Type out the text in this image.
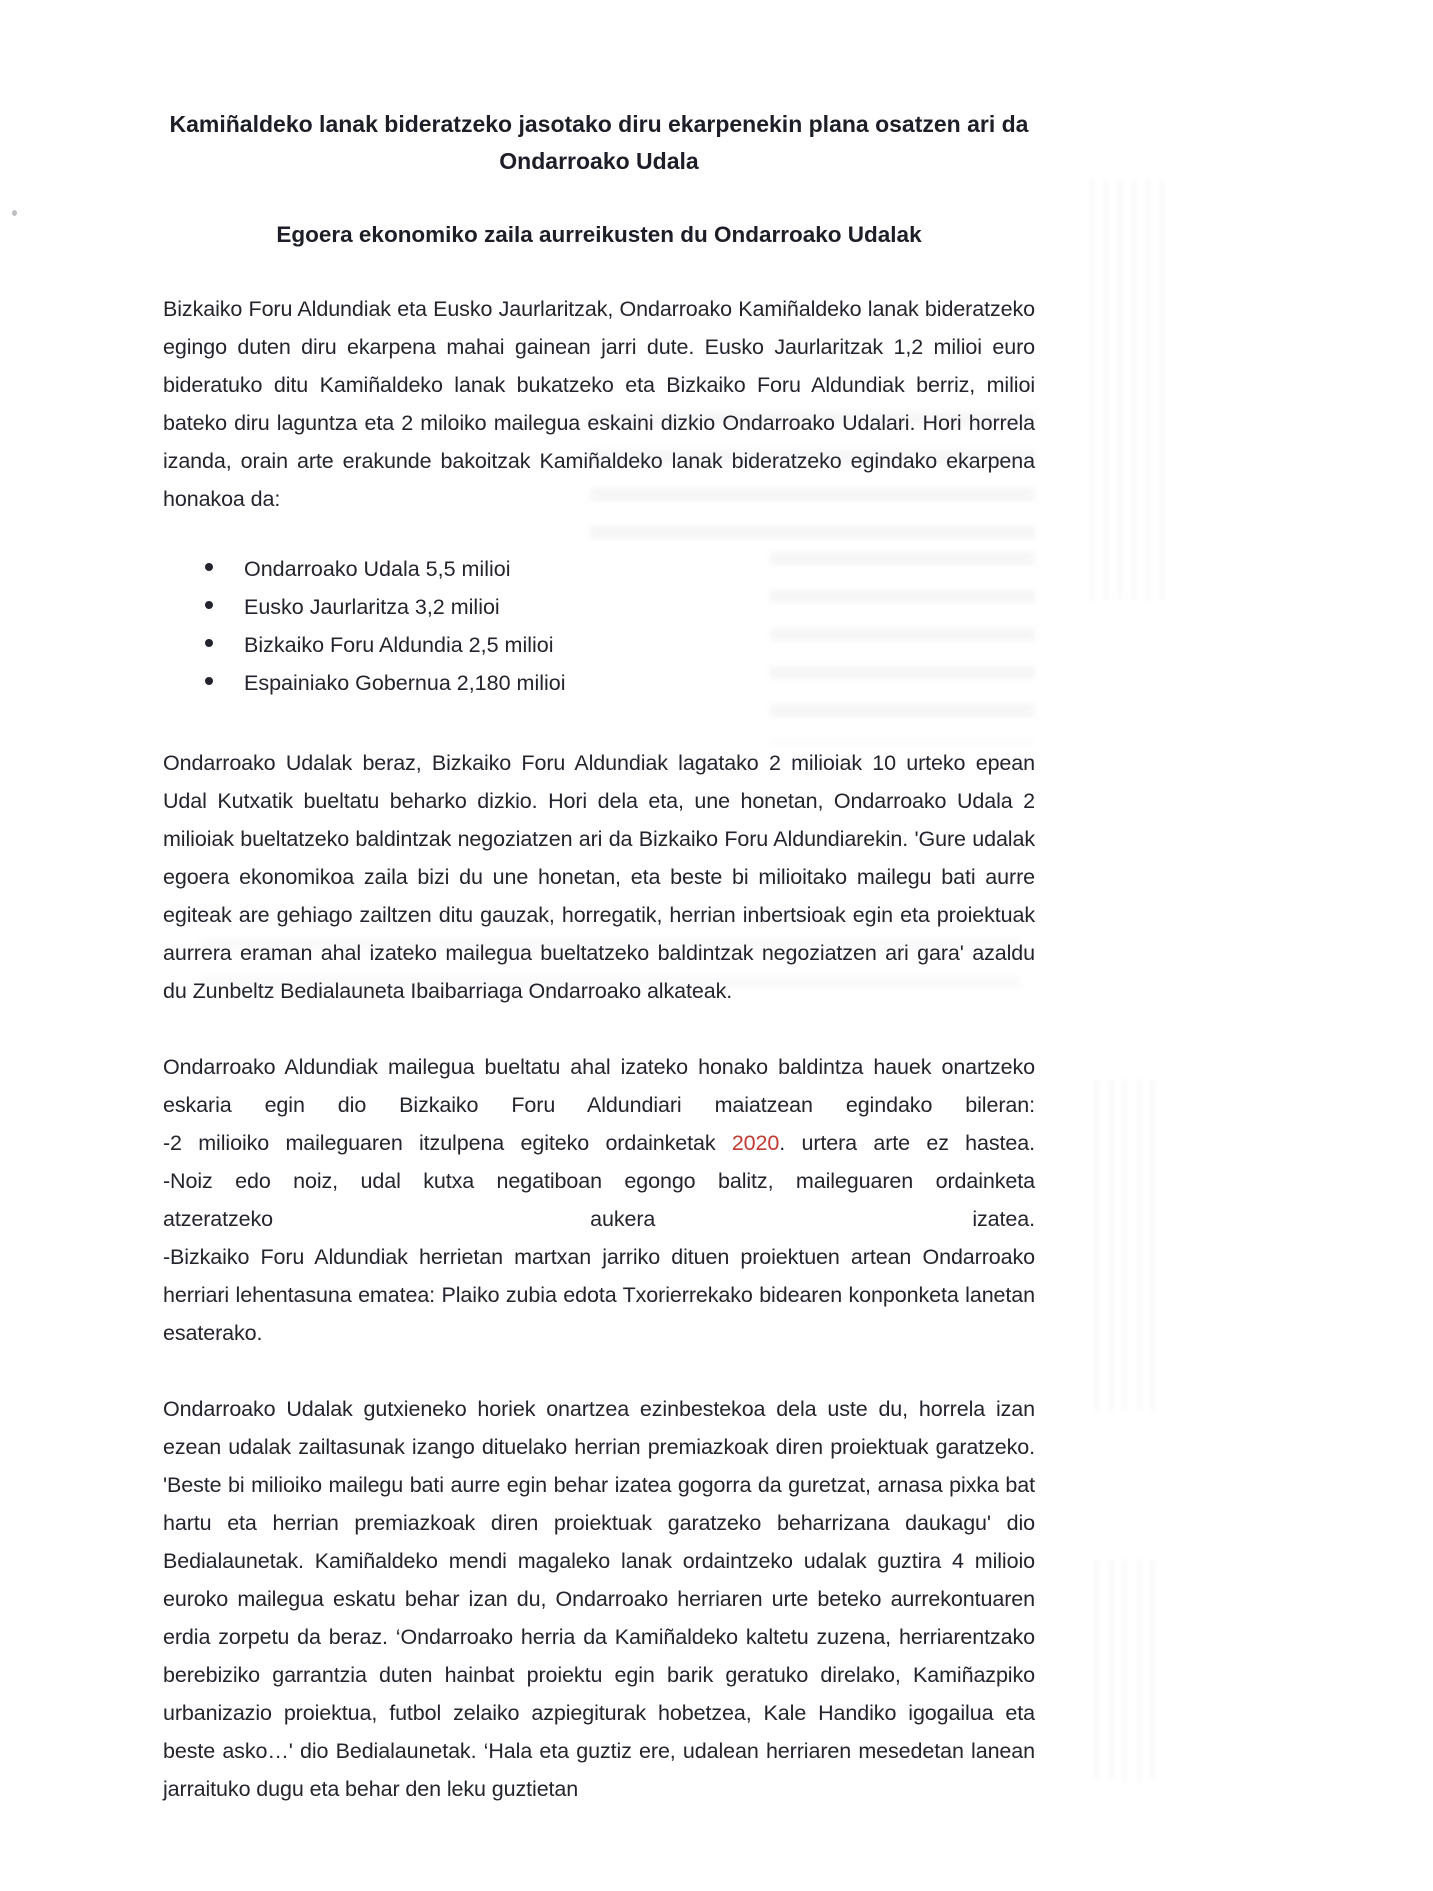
Kamiñaldeko lanak bideratzeko jasotako diru ekarpenekin plana osatzen ari da
Ondarroako Udala
Egoera ekonomiko zaila aurreikusten du Ondarroako Udalak

Bizkaiko Foru Aldundiak eta Eusko Jaurlaritzak, Ondarroako Kamiñaldeko lanak bideratzeko egingo duten diru ekarpena mahai gainean jarri dute. Eusko Jaurlaritzak 1,2 milioi euro bideratuko ditu Kamiñaldeko lanak bukatzeko eta Bizkaiko Foru Aldundiak berriz, milioi bateko diru laguntza eta 2 miloiko mailegua eskaini dizkio Ondarroako Udalari. Hori horrela izanda, orain arte erakunde bakoitzak Kamiñaldeko lanak bideratzeko egindako ekarpena honakoa da:

Ondarroako Udala 5,5 milioi
Eusko Jaurlaritza 3,2 milioi
Bizkaiko Foru Aldundia 2,5 milioi
Espainiako Gobernua 2,180 milioi

Ondarroako Udalak beraz, Bizkaiko Foru Aldundiak lagatako 2 milioiak 10 urteko epean Udal Kutxatik bueltatu beharko dizkio. Hori dela eta, une honetan, Ondarroako Udala 2 milioiak bueltatzeko baldintzak negoziatzen ari da Bizkaiko Foru Aldundiarekin. 'Gure udalak egoera ekonomikoa zaila bizi du une honetan, eta beste bi milioitako mailegu bati aurre egiteak are gehiago zailtzen ditu gauzak, horregatik, herrian inbertsioak egin eta proiektuak aurrera eraman ahal izateko mailegua bueltatzeko baldintzak negoziatzen ari gara' azaldu du Zunbeltz Bedialauneta Ibaibarriaga Ondarroako alkateak.

Ondarroako Aldundiak mailegua bueltatu ahal izateko honako baldintza hauek onartzeko eskaria egin dio Bizkaiko Foru Aldundiari maiatzean egindako bileran:
-2 milioiko maileguaren itzulpena egiteko ordainketak 2020. urtera arte ez hastea.
-Noiz edo noiz, udal kutxa negatiboan egongo balitz, maileguaren ordainketa
atzeratzeko	aukera	izatea.
-Bizkaiko Foru Aldundiak herrietan martxan jarriko dituen proiektuen artean Ondarroako herriari lehentasuna ematea: Plaiko zubia edota Txorierrekako bidearen konponketa lanetan esaterako.

Ondarroako Udalak gutxieneko horiek onartzea ezinbestekoa dela uste du, horrela izan ezean udalak zailtasunak izango dituelako herrian premiazkoak diren proiektuak garatzeko. 'Beste bi milioiko mailegu bati aurre egin behar izatea gogorra da guretzat, arnasa pixka bat hartu eta herrian premiazkoak diren proiektuak garatzeko beharrizana daukagu' dio Bedialaunetak. Kamiñaldeko mendi magaleko lanak ordaintzeko udalak guztira 4 milioio euroko mailegua eskatu behar izan du, Ondarroako herriaren urte beteko aurrekontuaren erdia zorpetu da beraz. ‘Ondarroako herria da Kamiñaldeko kaltetu zuzena, herriarentzako berebiziko garrantzia duten hainbat proiektu egin barik geratuko direlako, Kamiñazpiko urbanizazio proiektua, futbol zelaiko azpiegiturak hobetzea, Kale Handiko igogailua eta beste asko…' dio Bedialaunetak. ‘Hala eta guztiz ere, udalean herriaren mesedetan lanean jarraituko dugu eta behar den leku guztietan
